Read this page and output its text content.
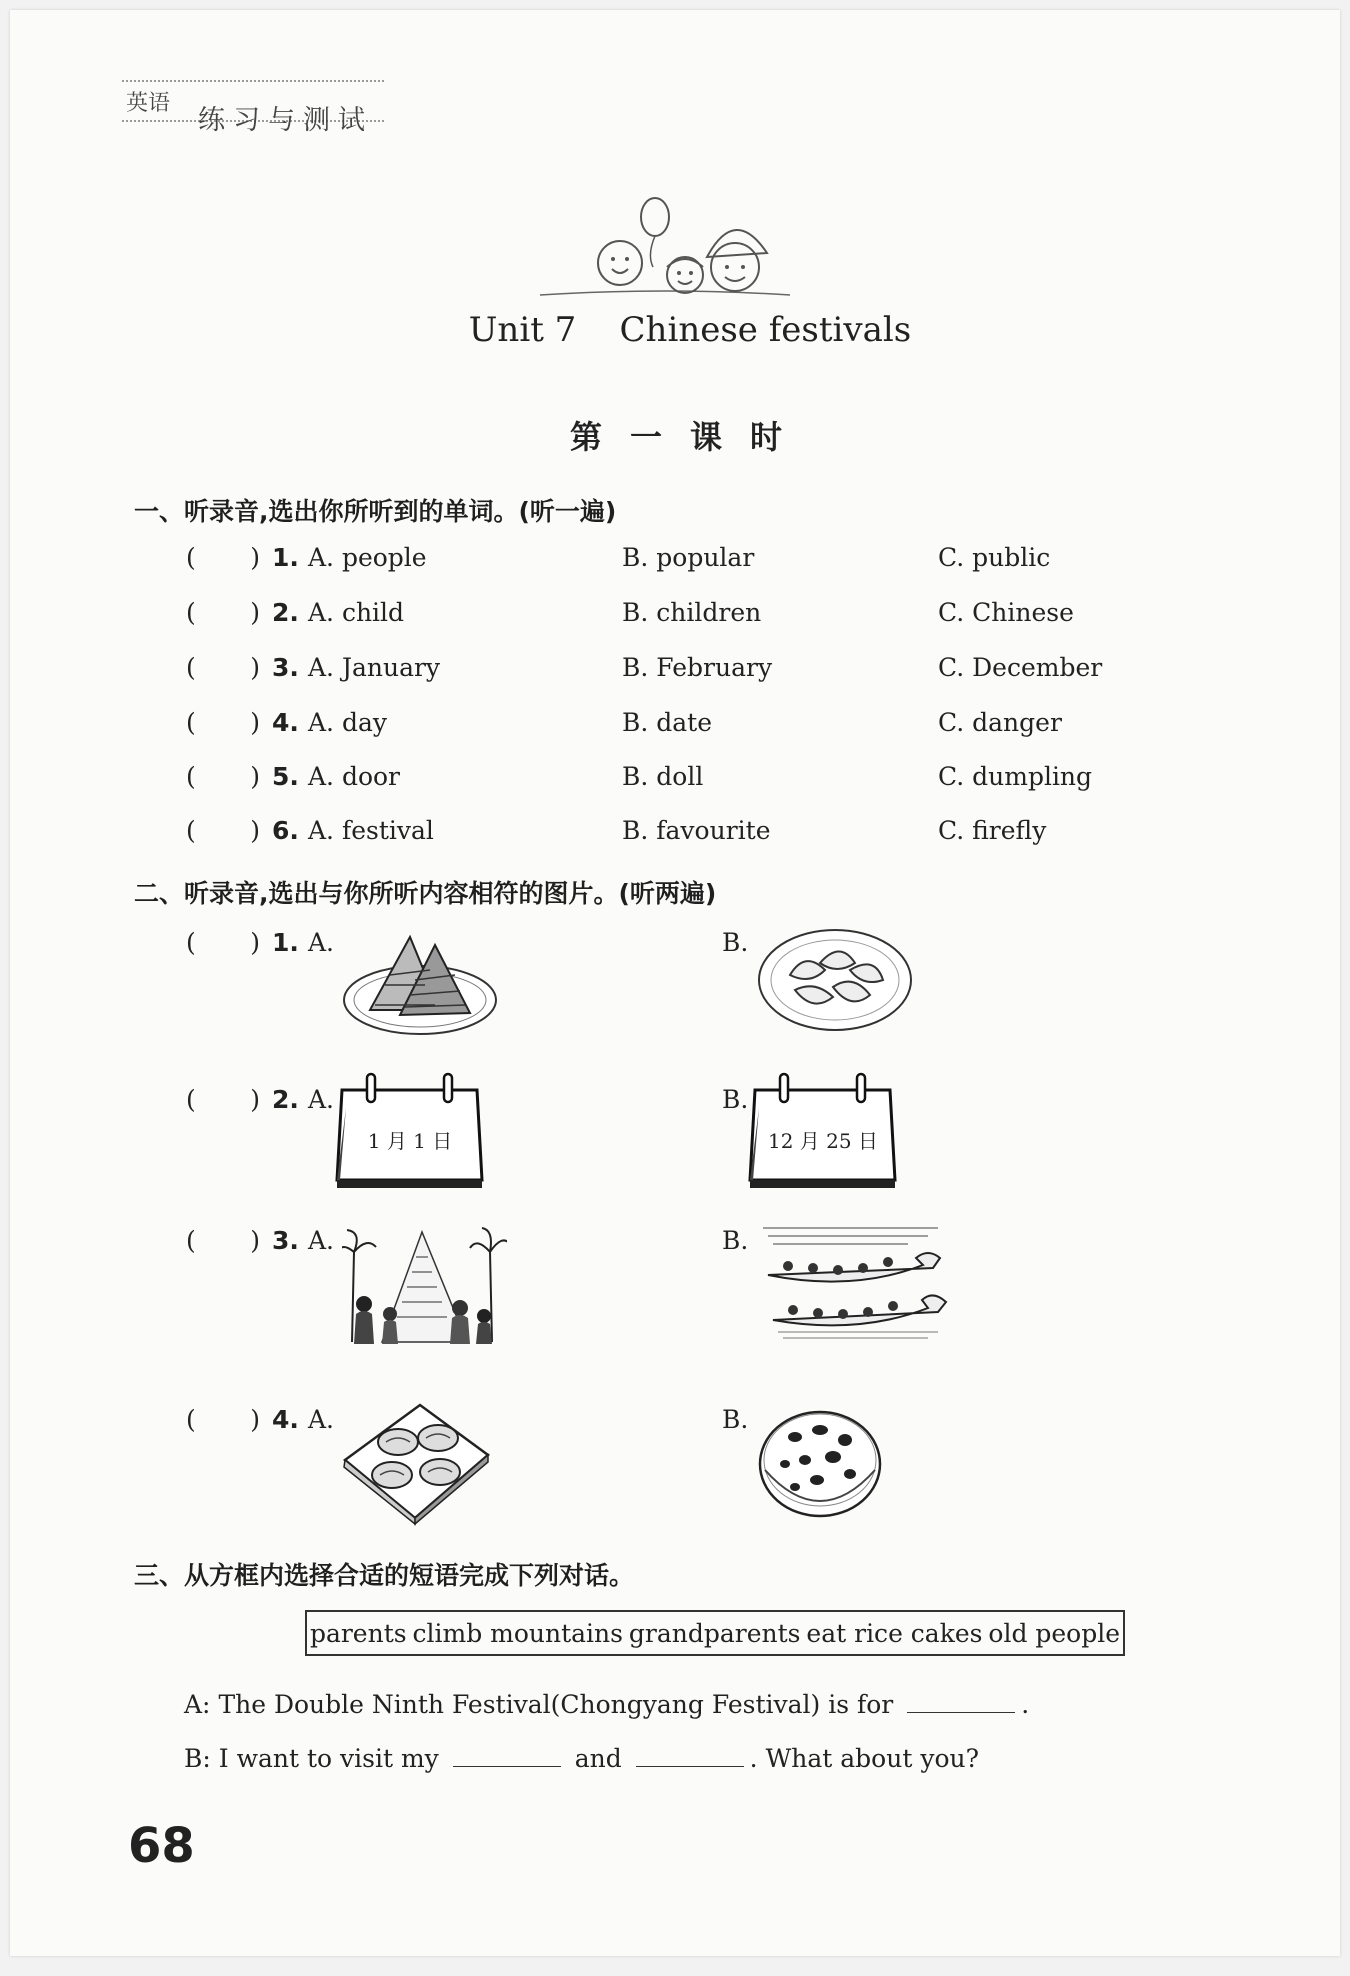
英语
练习与测试
Unit 7    Chinese festivals
第一课时
一、听录音,选出你所听到的单词。(听一遍)
( ) 1. A. people	B. popular	C. public
( ) 2. A. child	B. children	C. Chinese
( ) 3. A. January	B. February	C. December
( ) 4. A. day	B. date	C. danger
( ) 5. A. door	B. doll	C. dumpling
( ) 6. A. festival	B. favourite	C. firefly
二、听录音,选出与你所听内容相符的图片。(听两遍)
( ) 1. A.	B.
( ) 2. A.	B.
1 月 1 日	12 月 25 日
( ) 3. A.	B.
( ) 4. A.	B.
三、从方框内选择合适的短语完成下列对话。
parents climb mountains grandparents eat rice cakes old people
A: The Double Ninth Festival(Chongyang Festival) is for	.
B: I want to visit my	and	. What about you?
68
